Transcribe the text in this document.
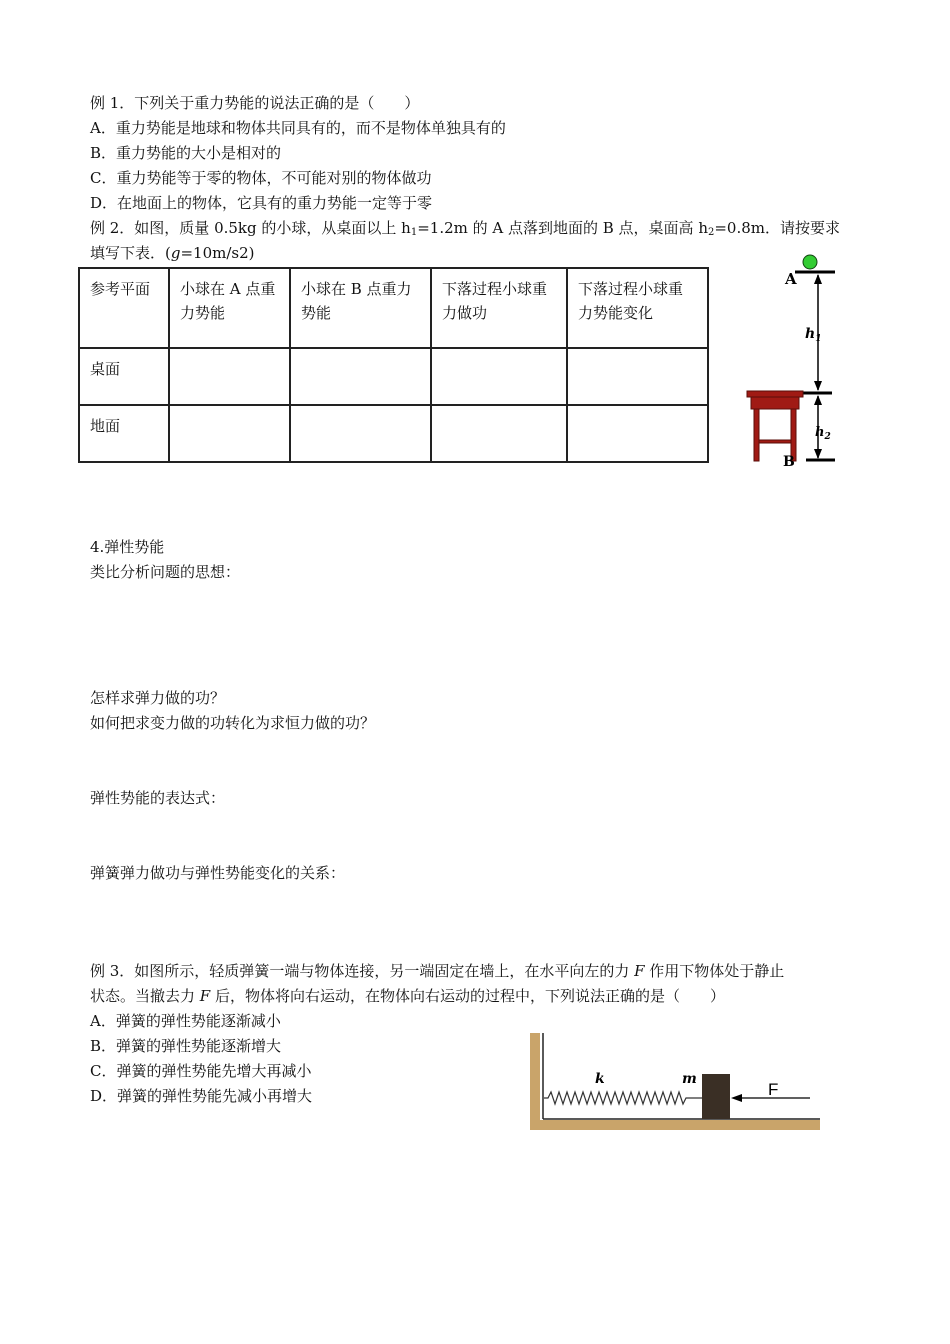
例 1．下列关于重力势能的说法正确的是（　　）
A．重力势能是地球和物体共同具有的，而不是物体单独具有的
B．重力势能的大小是相对的
C．重力势能等于零的物体，不可能对别的物体做功
D．在地面上的物体，它具有的重力势能一定等于零
例 2．如图，质量 0.5kg 的小球，从桌面以上 $h_1=1.2m$ 的 A 点落到地面的 B 点，桌面高 $h_2=0.8m$．请按要求
填写下表．(g=10m/s2)
参考平面	小球在 A 点重力势能	小球在 B 点重力势能	下落过程小球重力做功	下落过程小球重力势能变化
桌面				
地面				
A
B
$h_1$
$h_2$
4.弹性势能
类比分析问题的思想：
怎样求弹力做的功？
如何把求变力做的功转化为求恒力做的功？
弹性势能的表达式：
弹簧弹力做功与弹性势能变化的关系：
例 3．如图所示，轻质弹簧一端与物体连接，另一端固定在墙上，在水平向左的力 F 作用下物体处于静止
状态。当撤去力 F 后，物体将向右运动，在物体向右运动的过程中，下列说法正确的是（　　）
A．弹簧的弹性势能逐渐减小
B．弹簧的弹性势能逐渐增大
C．弹簧的弹性势能先增大再减小
D．弹簧的弹性势能先减小再增大
k	m
F
